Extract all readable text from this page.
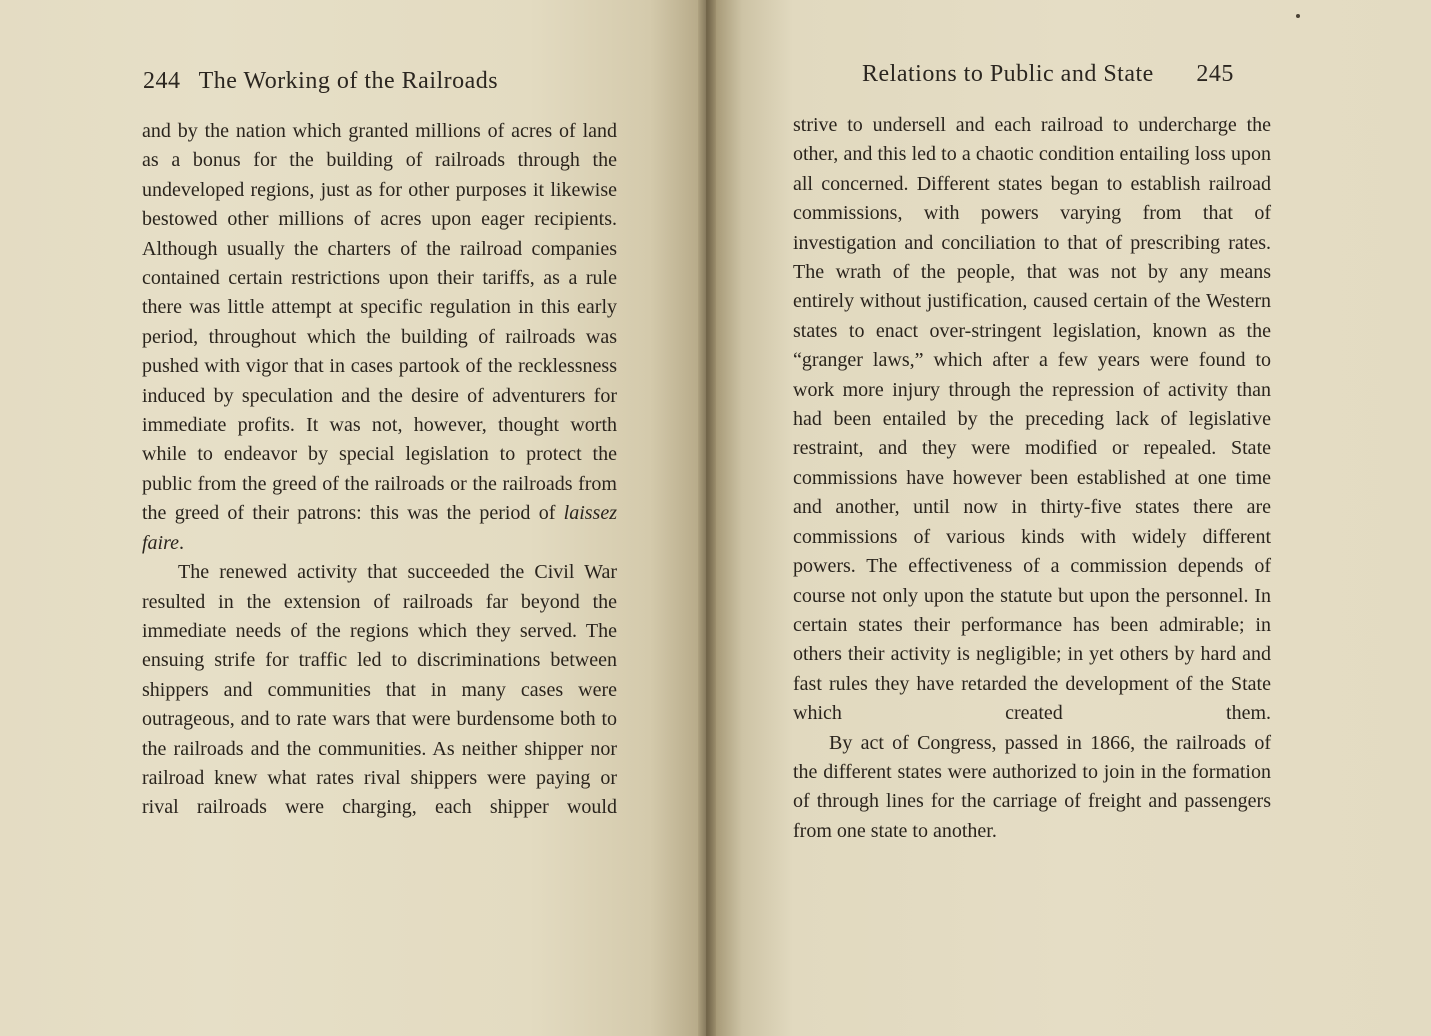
244 The Working of the Railroads

and by the nation which granted millions of acres of land as a bonus for the building of railroads through the undeveloped regions, just as for other purposes it likewise bestowed other millions of acres upon eager recipients. Although usually the charters of the railroad companies contained certain restrictions upon their tariffs, as a rule there was little attempt at specific regulation in this early period, throughout which the building of railroads was pushed with vigor that in cases partook of the recklessness induced by speculation and the desire of adventurers for immediate profits. It was not, however, thought worth while to endeavor by special legislation to protect the public from the greed of the railroads or the railroads from the greed of their patrons: this was the period of laissez faire.

The renewed activity that succeeded the Civil War resulted in the extension of railroads far beyond the immediate needs of the regions which they served. The ensuing strife for traffic led to discriminations between shippers and communities that in many cases were outrageous, and to rate wars that were burdensome both to the railroads and the communities. As neither shipper nor railroad knew what rates rival shippers were paying or rival railroads were charging, each shipper would

Relations to Public and State 245

strive to undersell and each railroad to undercharge the other, and this led to a chaotic condition entailing loss upon all concerned. Different states began to establish railroad commissions, with powers varying from that of investigation and conciliation to that of prescribing rates. The wrath of the people, that was not by any means entirely without justification, caused certain of the Western states to enact over-stringent legislation, known as the “granger laws,” which after a few years were found to work more injury through the repression of activity than had been entailed by the preceding lack of legislative restraint, and they were modified or repealed. State commissions have however been established at one time and another, until now in thirty-five states there are commissions of various kinds with widely different powers. The effectiveness of a commission depends of course not only upon the statute but upon the personnel. In certain states their performance has been admirable; in others their activity is negligible; in yet others by hard and fast rules they have retarded the development of the State which created them.

By act of Congress, passed in 1866, the railroads of the different states were authorized to join in the formation of through lines for the carriage of freight and passengers from one state to another.
